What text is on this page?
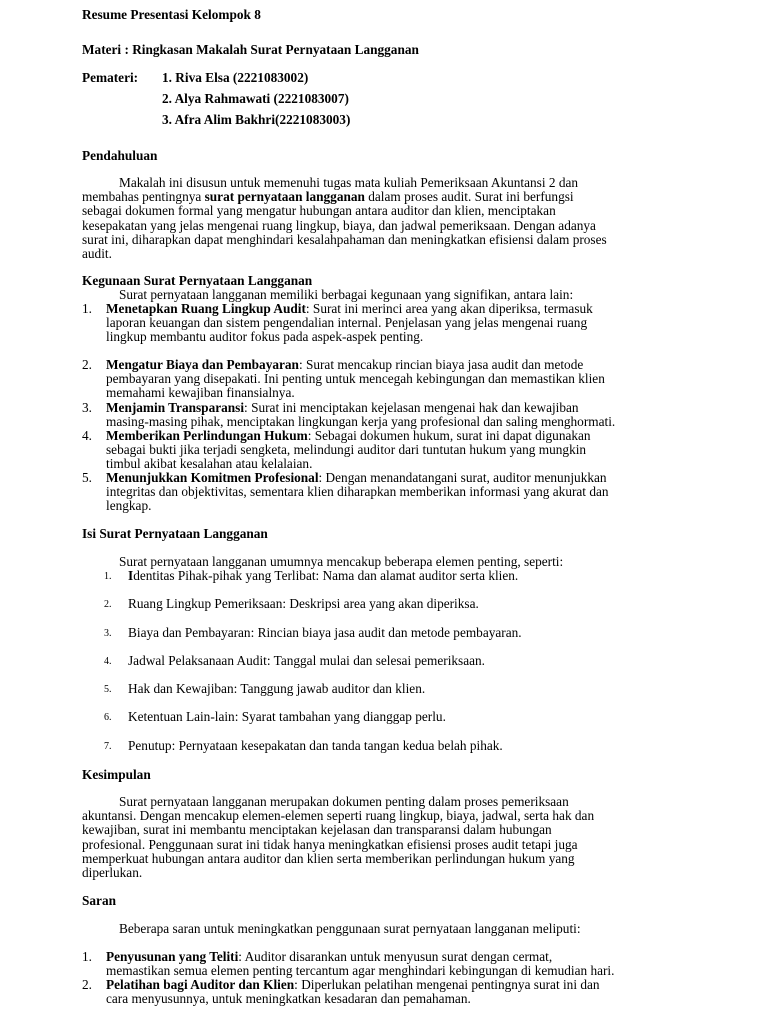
Resume Presentasi Kelompok 8
Materi : Ringkasan Makalah Surat Pernyataan Langganan
Pemateri: 1. Riva Elsa (2221083002)
2. Alya Rahmawati (2221083007)
3. Afra Alim Bakhri(2221083003)
Pendahuluan
Makalah ini disusun untuk memenuhi tugas mata kuliah Pemeriksaan Akuntansi 2 dan
membahas pentingnya surat pernyataan langganan dalam proses audit. Surat ini berfungsi
sebagai dokumen formal yang mengatur hubungan antara auditor dan klien, menciptakan
kesepakatan yang jelas mengenai ruang lingkup, biaya, dan jadwal pemeriksaan. Dengan adanya
surat ini, diharapkan dapat menghindari kesalahpahaman dan meningkatkan efisiensi dalam proses
audit.
Kegunaan Surat Pernyataan Langganan
Surat pernyataan langganan memiliki berbagai kegunaan yang signifikan, antara lain:
1. Menetapkan Ruang Lingkup Audit: Surat ini merinci area yang akan diperiksa, termasuk
laporan keuangan dan sistem pengendalian internal. Penjelasan yang jelas mengenai ruang
lingkup membantu auditor fokus pada aspek-aspek penting.
2. Mengatur Biaya dan Pembayaran: Surat mencakup rincian biaya jasa audit dan metode
pembayaran yang disepakati. Ini penting untuk mencegah kebingungan dan memastikan klien
memahami kewajiban finansialnya.
3. Menjamin Transparansi: Surat ini menciptakan kejelasan mengenai hak dan kewajiban
masing-masing pihak, menciptakan lingkungan kerja yang profesional dan saling menghormati.
4. Memberikan Perlindungan Hukum: Sebagai dokumen hukum, surat ini dapat digunakan
sebagai bukti jika terjadi sengketa, melindungi auditor dari tuntutan hukum yang mungkin
timbul akibat kesalahan atau kelalaian.
5. Menunjukkan Komitmen Profesional: Dengan menandatangani surat, auditor menunjukkan
integritas dan objektivitas, sementara klien diharapkan memberikan informasi yang akurat dan
lengkap.
Isi Surat Pernyataan Langganan
Surat pernyataan langganan umumnya mencakup beberapa elemen penting, seperti:
1. Identitas Pihak-pihak yang Terlibat: Nama dan alamat auditor serta klien.
2. Ruang Lingkup Pemeriksaan: Deskripsi area yang akan diperiksa.
3. Biaya dan Pembayaran: Rincian biaya jasa audit dan metode pembayaran.
4. Jadwal Pelaksanaan Audit: Tanggal mulai dan selesai pemeriksaan.
5. Hak dan Kewajiban: Tanggung jawab auditor dan klien.
6. Ketentuan Lain-lain: Syarat tambahan yang dianggap perlu.
7. Penutup: Pernyataan kesepakatan dan tanda tangan kedua belah pihak.
Kesimpulan
Surat pernyataan langganan merupakan dokumen penting dalam proses pemeriksaan
akuntansi. Dengan mencakup elemen-elemen seperti ruang lingkup, biaya, jadwal, serta hak dan
kewajiban, surat ini membantu menciptakan kejelasan dan transparansi dalam hubungan
profesional. Penggunaan surat ini tidak hanya meningkatkan efisiensi proses audit tetapi juga
memperkuat hubungan antara auditor dan klien serta memberikan perlindungan hukum yang
diperlukan.
Saran
Beberapa saran untuk meningkatkan penggunaan surat pernyataan langganan meliputi:
1. Penyusunan yang Teliti: Auditor disarankan untuk menyusun surat dengan cermat,
memastikan semua elemen penting tercantum agar menghindari kebingungan di kemudian hari.
2. Pelatihan bagi Auditor dan Klien: Diperlukan pelatihan mengenai pentingnya surat ini dan
cara menyusunnya, untuk meningkatkan kesadaran dan pemahaman.
